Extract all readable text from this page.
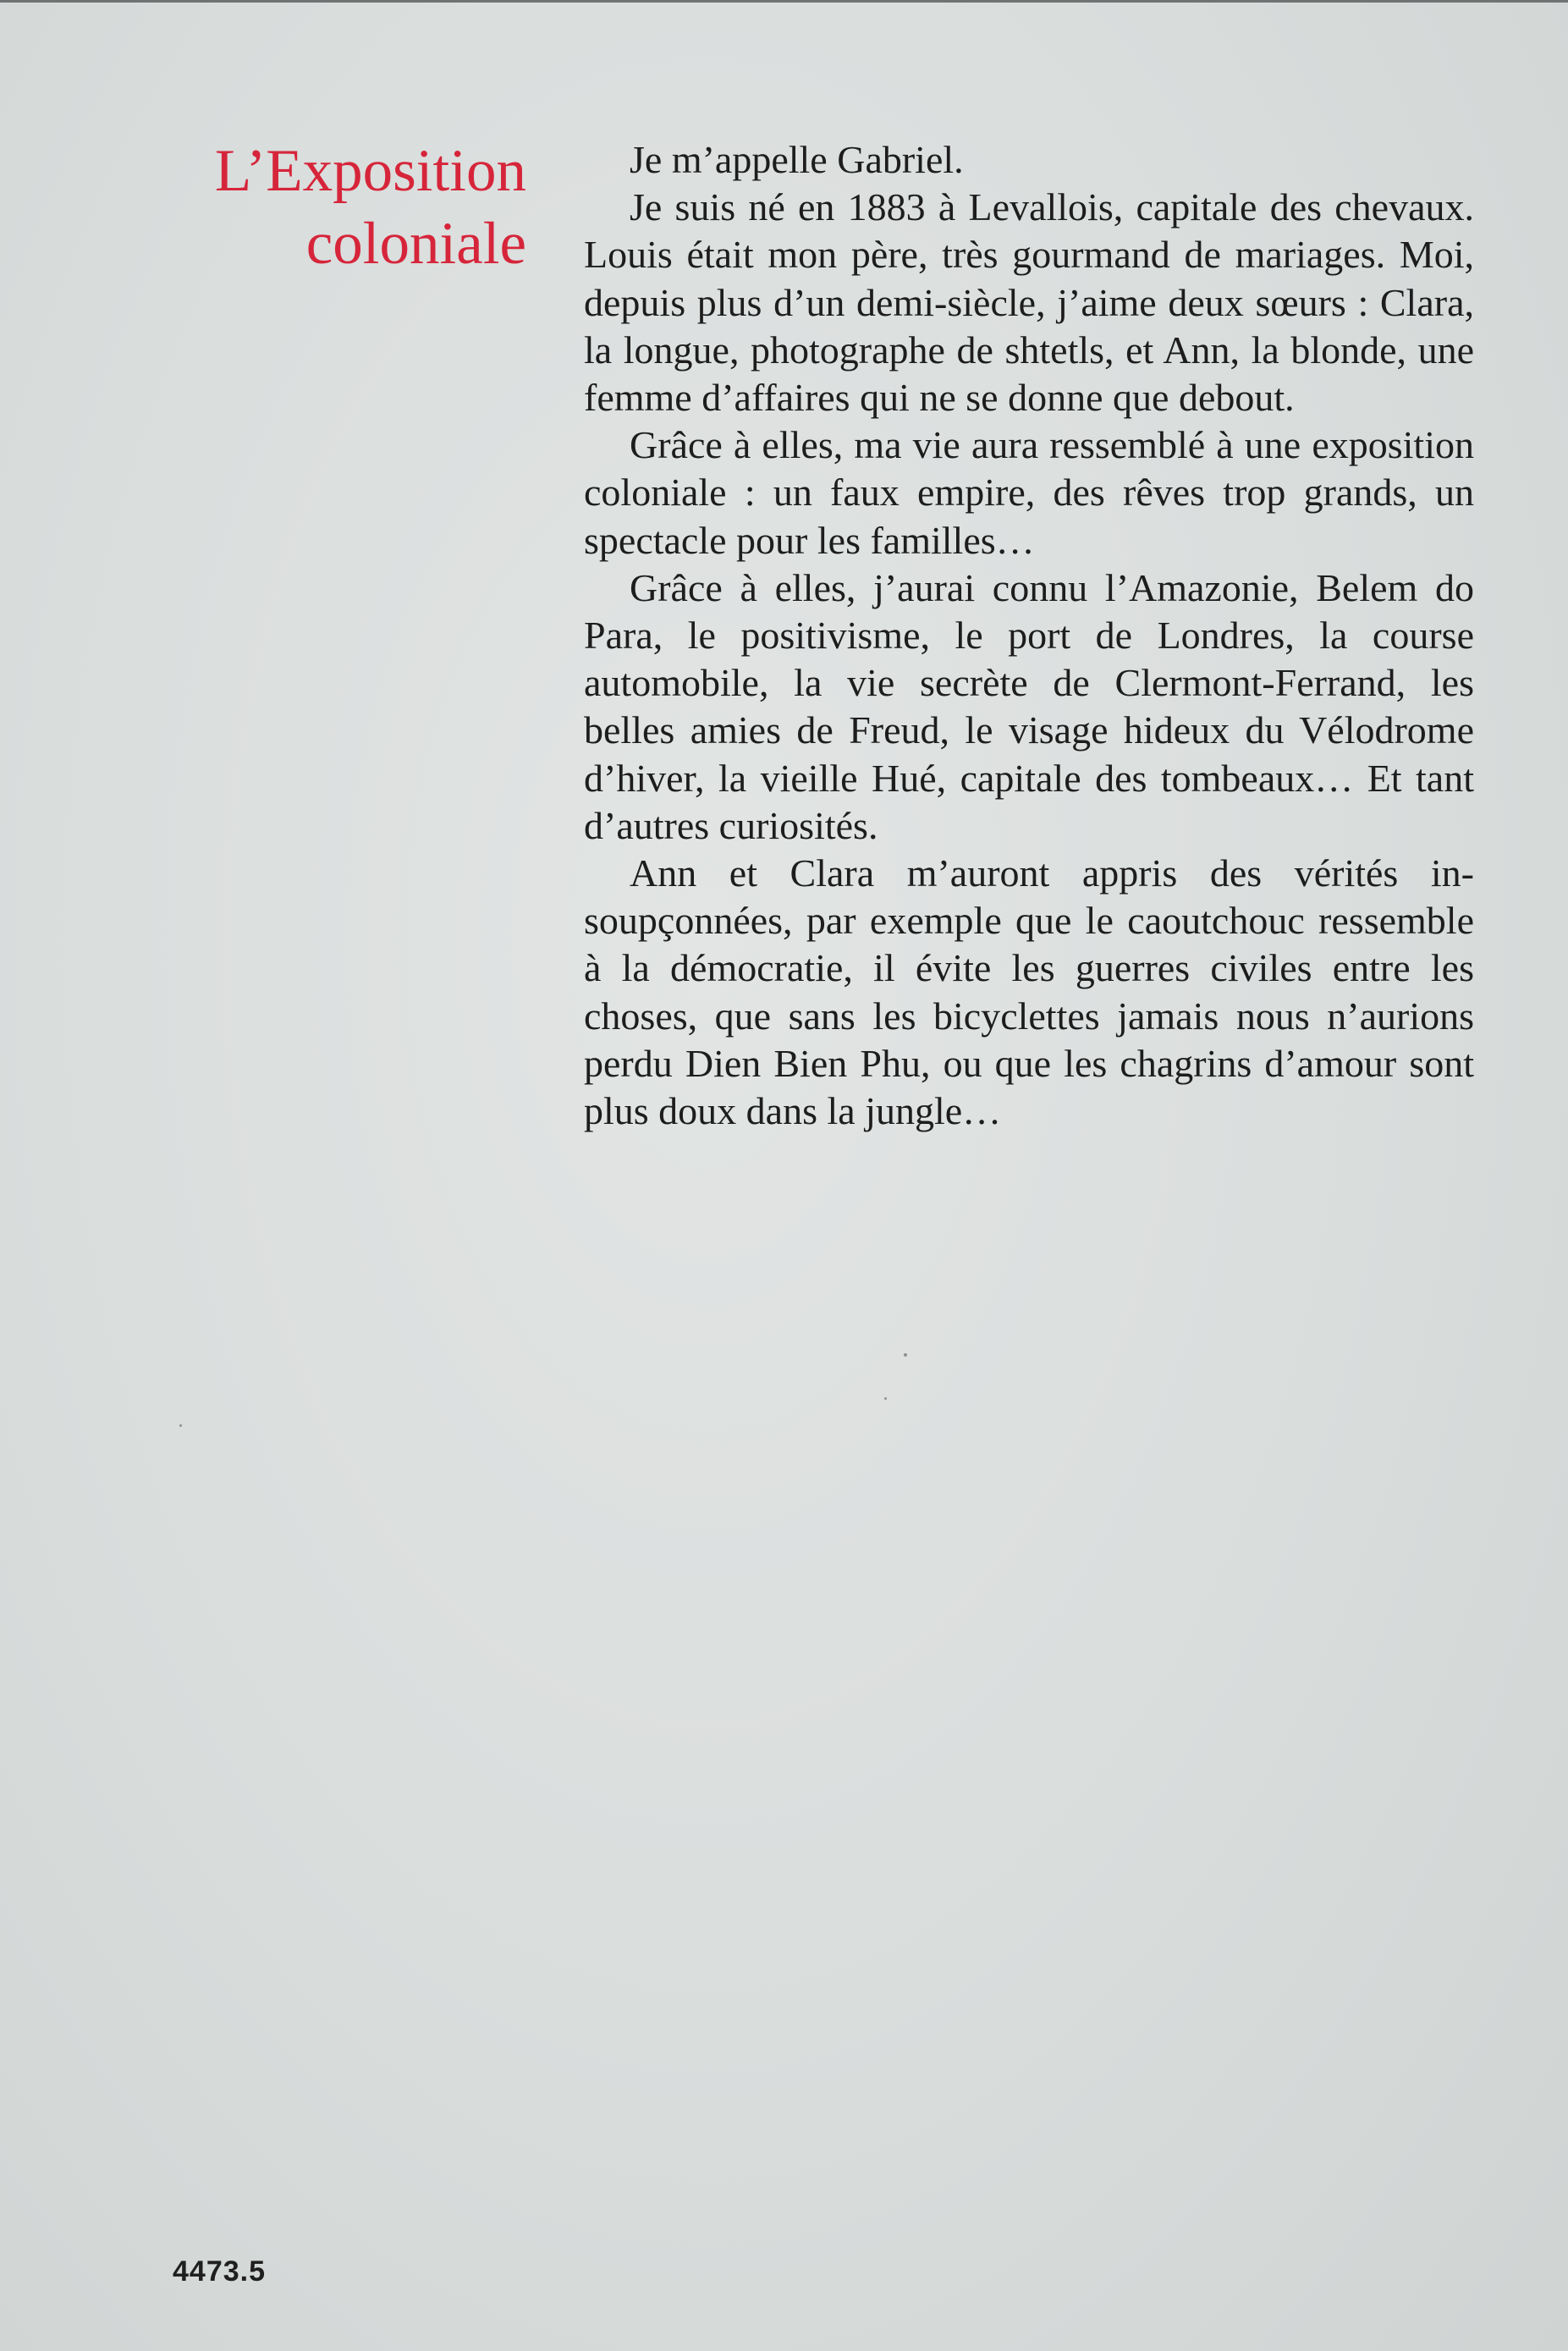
L’Exposition
coloniale

Je m’appelle Gabriel.

Je suis né en 1883 à Levallois, capitale des chevaux. Louis était mon père, très gourmand de mariages. Moi, depuis plus d’un demi-siècle, j’aime deux sœurs : Clara, la longue, photographe de shtetls, et Ann, la blonde, une femme d’affaires qui ne se donne que debout.

Grâce à elles, ma vie aura ressemblé à une exposition coloniale : un faux empire, des rêves trop grands, un spectacle pour les familles…

Grâce à elles, j’aurai connu l’Amazonie, Belem do Para, le positivisme, le port de Londres, la course automobile, la vie secrète de Clermont-Ferrand, les belles amies de Freud, le visage hideux du Vélodrome d’hiver, la vieille Hué, capitale des tombeaux… Et tant d’autres curiosités.

Ann et Clara m’auront appris des vérités insoupçonnées, par exemple que le caoutchouc ressemble à la démocratie, il évite les guerres civiles entre les choses, que sans les bicyclettes jamais nous n’aurions perdu Dien Bien Phu, ou que les chagrins d’amour sont plus doux dans la jungle…

4473.5
